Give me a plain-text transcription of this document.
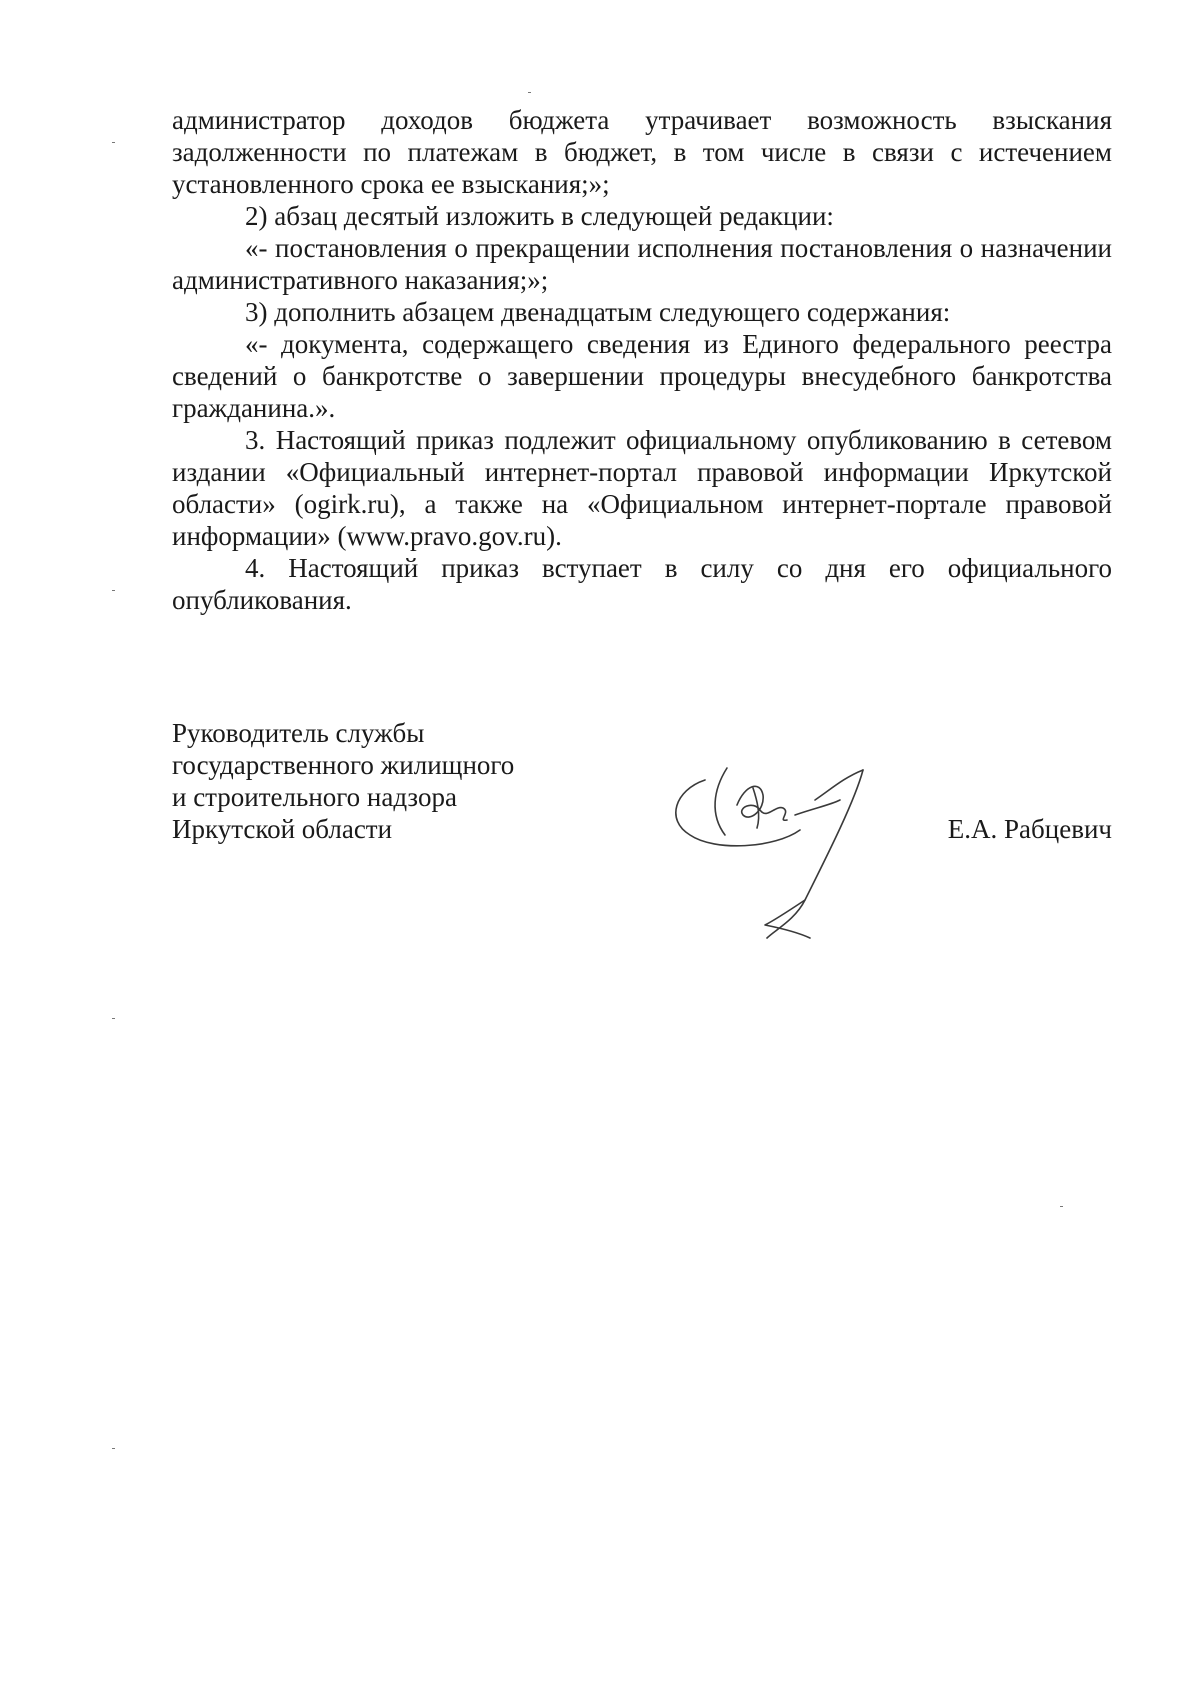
администратор доходов бюджета утрачивает возможность взыскания задолженности по платежам в бюджет, в том числе в связи с истечением установленного срока ее взыскания;»;

2) абзац десятый изложить в следующей редакции:

«- постановления о прекращении исполнения постановления о назначении административного наказания;»;

3) дополнить абзацем двенадцатым следующего содержания:

«- документа, содержащего сведения из Единого федерального реестра сведений о банкротстве о завершении процедуры внесудебного банкротства гражданина.».

3. Настоящий приказ подлежит официальному опубликованию в сетевом издании «Официальный интернет-портал правовой информации Иркутской области» (ogirk.ru), а также на «Официальном интернет-портале правовой информации» (www.pravo.gov.ru).

4. Настоящий приказ вступает в силу со дня его официального опубликования.

Руководитель службы
государственного жилищного
и строительного надзора
Иркутской области	Е.А. Рабцевич
